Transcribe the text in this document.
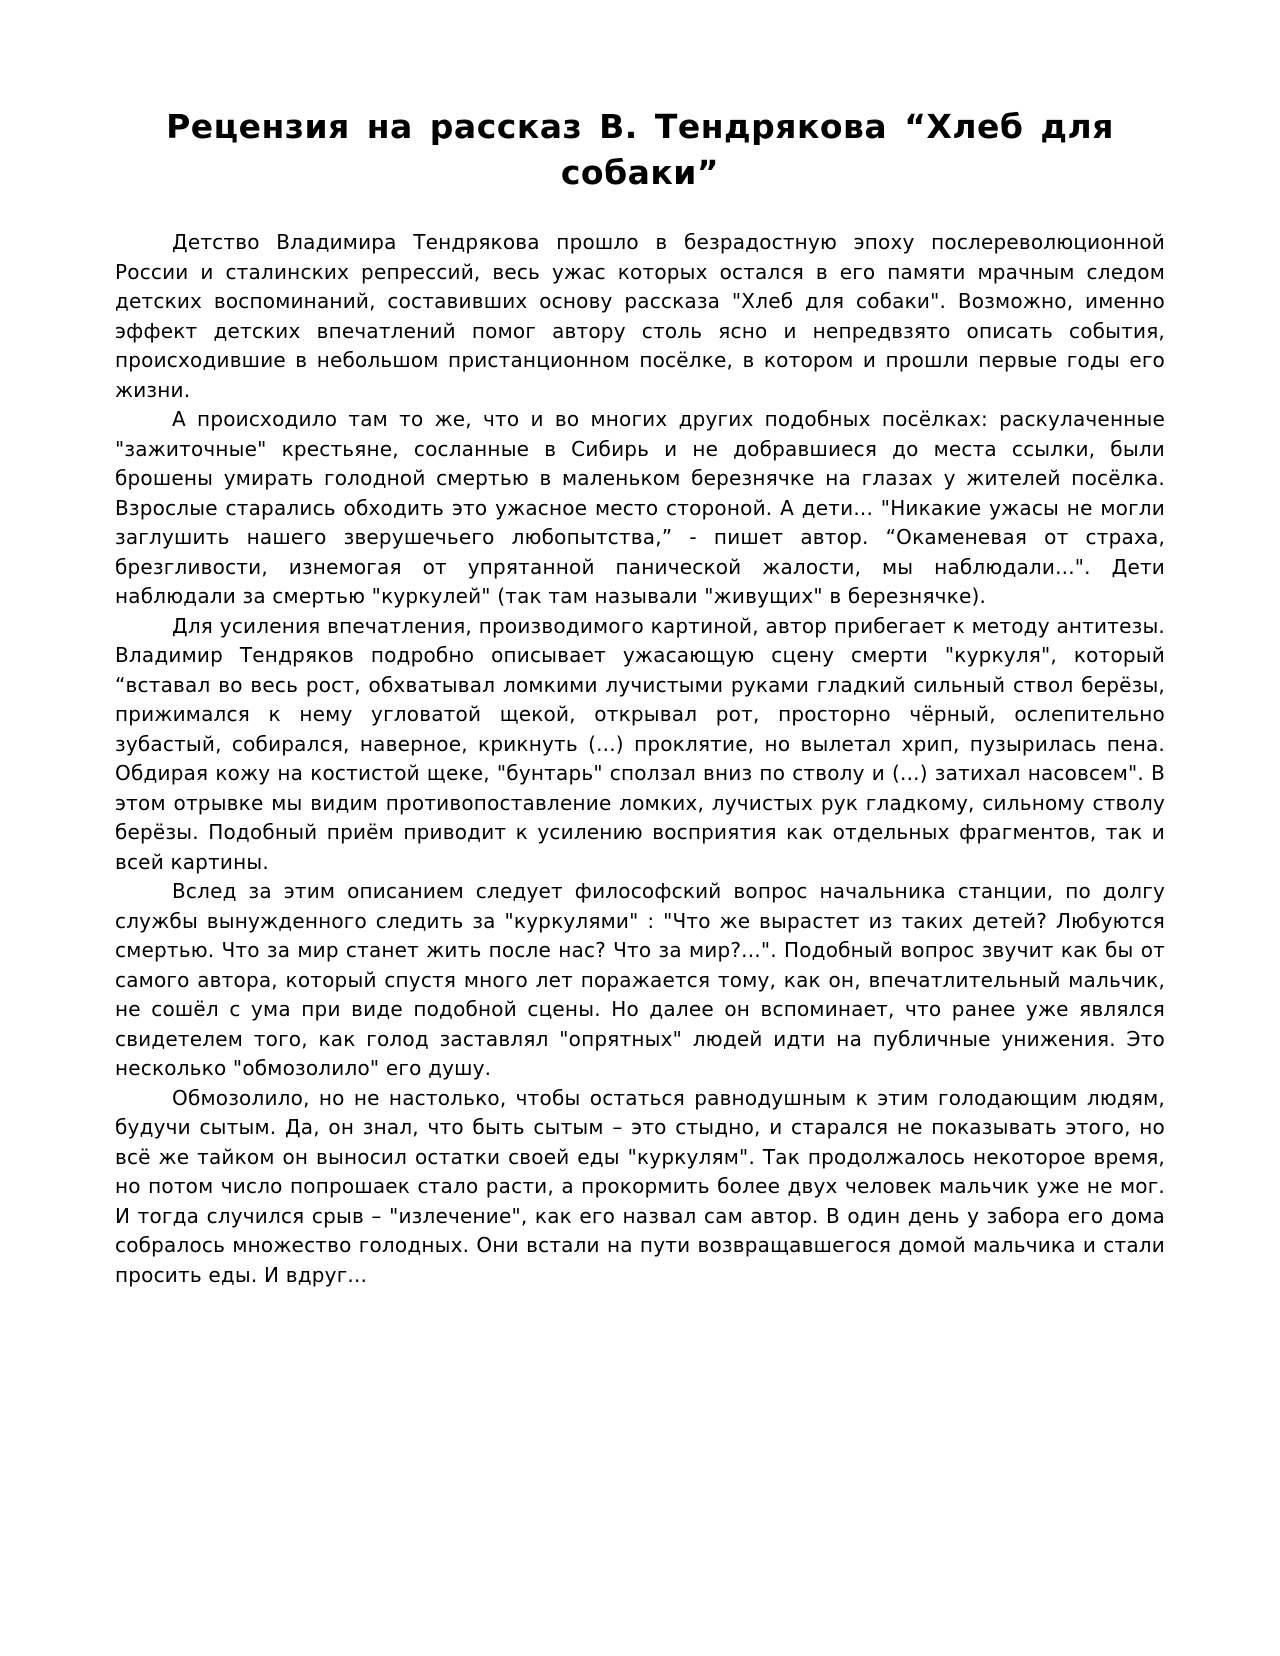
Рецензия на рассказ В. Тендрякова “Хлеб для собаки”

Детство Владимира Тендрякова прошло в безрадостную эпоху послереволюционной России и сталинских репрессий, весь ужас которых остался в его памяти мрачным следом детских воспоминаний, составивших основу рассказа "Хлеб для собаки". Возможно, именно эффект детских впечатлений помог автору столь ясно и непредвзято описать события, происходившие в небольшом пристанционном посёлке, в котором и прошли первые годы его жизни.

А происходило там то же, что и во многих других подобных посёлках: раскулаченные "зажиточные" крестьяне, сосланные в Сибирь и не добравшиеся до места ссылки, были брошены умирать голодной смертью в маленьком березнячке на глазах у жителей посёлка. Взрослые старались обходить это ужасное место стороной. А дети... "Никакие ужасы не могли заглушить нашего зверушечьего любопытства,” - пишет автор. “Окаменевая от страха, брезгливости, изнемогая от упрятанной панической жалости, мы наблюдали...". Дети наблюдали за смертью "куркулей" (так там называли "живущих" в березнячке).

Для усиления впечатления, производимого картиной, автор прибегает к методу антитезы. Владимир Тендряков подробно описывает ужасающую сцену смерти "куркуля", который “вставал во весь рост, обхватывал ломкими лучистыми руками гладкий сильный ствол берёзы, прижимался к нему угловатой щекой, открывал рот, просторно чёрный, ослепительно зубастый, собирался, наверное, крикнуть (...) проклятие, но вылетал хрип, пузырилась пена. Обдирая кожу на костистой щеке, "бунтарь" сползал вниз по стволу и (...) затихал насовсем". В этом отрывке мы видим противопоставление ломких, лучистых рук гладкому, сильному стволу берёзы. Подобный приём приводит к усилению восприятия как отдельных фрагментов, так и всей картины.

Вслед за этим описанием следует философский вопрос начальника станции, по долгу службы вынужденного следить за "куркулями" : "Что же вырастет из таких детей? Любуются смертью. Что за мир станет жить после нас? Что за мир?...". Подобный вопрос звучит как бы от самого автора, который спустя много лет поражается тому, как он, впечатлительный мальчик, не сошёл с ума при виде подобной сцены. Но далее он вспоминает, что ранее уже являлся свидетелем того, как голод заставлял "опрятных" людей идти на публичные унижения. Это несколько "обмозолило" его душу.

Обмозолило, но не настолько, чтобы остаться равнодушным к этим голодающим людям, будучи сытым. Да, он знал, что быть сытым – это стыдно, и старался не показывать этого, но всё же тайком он выносил остатки своей еды "куркулям". Так продолжалось некоторое время, но потом число попрошаек стало расти, а прокормить более двух человек мальчик уже не мог. И тогда случился срыв – "излечение", как его назвал сам автор. В один день у забора его дома собралось множество голодных. Они встали на пути возвращавшегося домой мальчика и стали просить еды. И вдруг...
